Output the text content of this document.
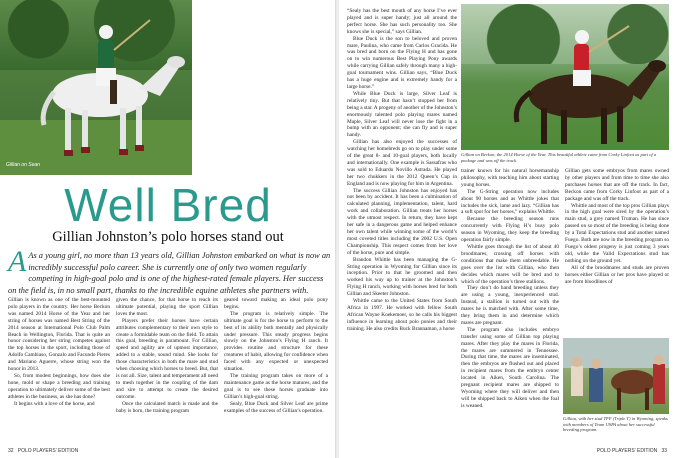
Gillian on Sean
Well Bred
Gillian Johnston’s polo horses stand out
A As a young girl, no more than 13 years old, Gillian Johnston embarked on what is now an incredibly successful polo career. She is currently one of only two women regularly competing in high-goal polo and is one of the highest-rated female players. Her success on the field is, in no small part, thanks to the incredible equine athletes she partners with.

Gillian is known as one of the best-mounted polo players in the country. Her horse Beckon was named 2014 Horse of the Year and her string of horses was named Best String of the 2014 season at International Polo Club Palm Beach in Wellington, Florida. That is quite an honor considering her string competes against the top horses in the sport, including those of Adolfo Cambiaso, Gonzalo and Facundo Pieres and Mariano Aguerre, whose string won the honor in 2013.

So, from modest beginnings, how does she hone, mold or shape a breeding and training operation to ultimately deliver some of the best athletes in the business, as she has done?

It begins with a love of the horse, and

given the chance, for that horse to reach its ultimate potential, playing the sport Gillian loves the most.

Players prefer their horses have certain attributes complementary to their own style to create a formidable team on the field. To attain this goal, breeding is paramount. For Gillian, speed and agility are of upmost importance, added to a stable, sound mind. She looks for those characteristics in both the mare and stud when choosing which horses to breed. But, that is not all. Size, talent and temperament all need to mesh together in the coupling of the dam and sire to attempt to create the desired outcome.

Once the calculated match is made and the baby is born, the training program

geared toward making an ideal polo pony begins.

The program is relatively simple. The ultimate goal is for the horse to perform to the best of its ability both mentally and physically under pressure. This steady progress begins slowly on the Johnston’s Flying H ranch. It provides routine and structure for these creatures of habit, allowing for confidence when faced with any expected or unexpected situation.

The training program takes on more of a maintenance game as the horse matures, and the goal is to see these horses graduate into Gillian’s high-goal string.

Sealy, Blue Duck and Silver Leaf are prime examples of the success of Gillian’s operation.

32 POLO PLAYERS’ EDITION

“Sealy has the best mouth of any horse I’ve ever played and is super handy; just all around the perfect horse. She has such personality too. She knows she is special,” says Gillian.

Blue Duck is the son to beloved and proven mare, Paulina, who came from Carlos Gracida. He was bred and born on the Flying H and has gone on to win numerous Best Playing Pony awards while carrying Gillian safely through many a high-goal tournament wins. Gillian says, “Blue Duck has a huge engine and is extremely handy for a large horse.”

While Blue Duck is large, Silver Leaf is relatively tiny. But that hasn’t stopped her from being a star. A progeny of another of the Johnston’s enormously talented polo playing mares named Maple, Silver Leaf will never lose the fight in a bump with an opponent; she can fly and is super handy.

Gillian has also enjoyed the successes of watching her homebreds go on to play under some of the great 8- and 10-goal players, both locally and internationally. One example is Sassafras who was sold to Eduardo Novillo Astrada. He played her two chukkers in the 2012 Queen’s Cup in England and is now playing for him in Argentina.

The success Gillian Johnston has enjoyed has not been by accident. It has been a culmination of calculated planning, implementation, talent, hard work and collaboration. Gillian treats her horses with the utmost respect. In return, they have kept her safe in a dangerous game and helped enhance her own talent while winning some of the world’s most coveted titles including the 2002 U.S. Open Championship. This respect comes from her love of the horse, pure and simple.

Brandon Whittle has been managing the G-String operation in Wyoming for Gillian since its inception. Prior to that he groomed and then worked his way up to trainer at the Johnston’s Flying H ranch, working with horses bred for both Gillian and Skeeter Johnston.

Whittle came to the United States from South Africa in 1997. He worked with fellow South African Wayne Koekemoer, so he calls his biggest influence in learning about polo ponies and their training. He also credits Buck Brannaman, a horse

Gillian on Beckon, the 2014 Horse of the Year. This beautiful athlete came from Corky Linfoot as part of a package and was off the track.

trainer known for his natural horsemanship philosophy, with teaching him about starting young horses.

The G-String operation now includes about 90 horses and as Whittle jokes that includes the sick, lame and lazy. “Gillian has a soft spot for her horses,” explains Whittle.

Because the breeding season runs concurrently with Flying H’s busy polo season in Wyoming, they keep the breeding operation fairly simple.

Whittle goes through the list of about 40 broodmares, crossing off horses with conditions that make them unbreedable. He goes over the list with Gillian, who then decides which mares will be bred and to which of the operation’s three stallions.

They don’t do hand breeding unless they are using a young, inexperienced stud. Instead, a stallion is turned out with the mares he is matched with. After some time, they bring them in and determine which mares are pregnant.

The program also includes embryo transfer using some of Gillian top playing mares. After they play the mares in Florida, the mares are summered in Tennessee. During that time, the mares are inseminated, then the embryos are flushed out and placed in recipient mares from the embryo center located in Aiken, South Carolina. The pregnant recipient mares are shipped to Wyoming where they will deliver and then will be shipped back to Aiken when the foal is weaned.

Gillian gets some embryos from mares owned by other players and from time to time she also purchases horses that are off the track. In fact, Beckon came from Corky Linfoot as part of a package and was off the track.

Whittle and most of the top pros Gillian plays in the high goal were sired by the operation’s main stud, a grey named Truman. He has since passed on so most of the breeding is being done by a Total Expectations stud and another named Fuego. Both are now in the breeding program so Fuego’s oldest progeny is just coming 3 years old, while the Valid Expectations stud has nothing on the ground yet.

All of the broodmares and studs are proven horses either Gillian or her pros have played or are from bloodlines of

Gillian, with her stud TFF (Triple T) in Wyoming, speaks with members of Team USPA about her successful breeding program.
POLO PLAYERS’ EDITION 33
